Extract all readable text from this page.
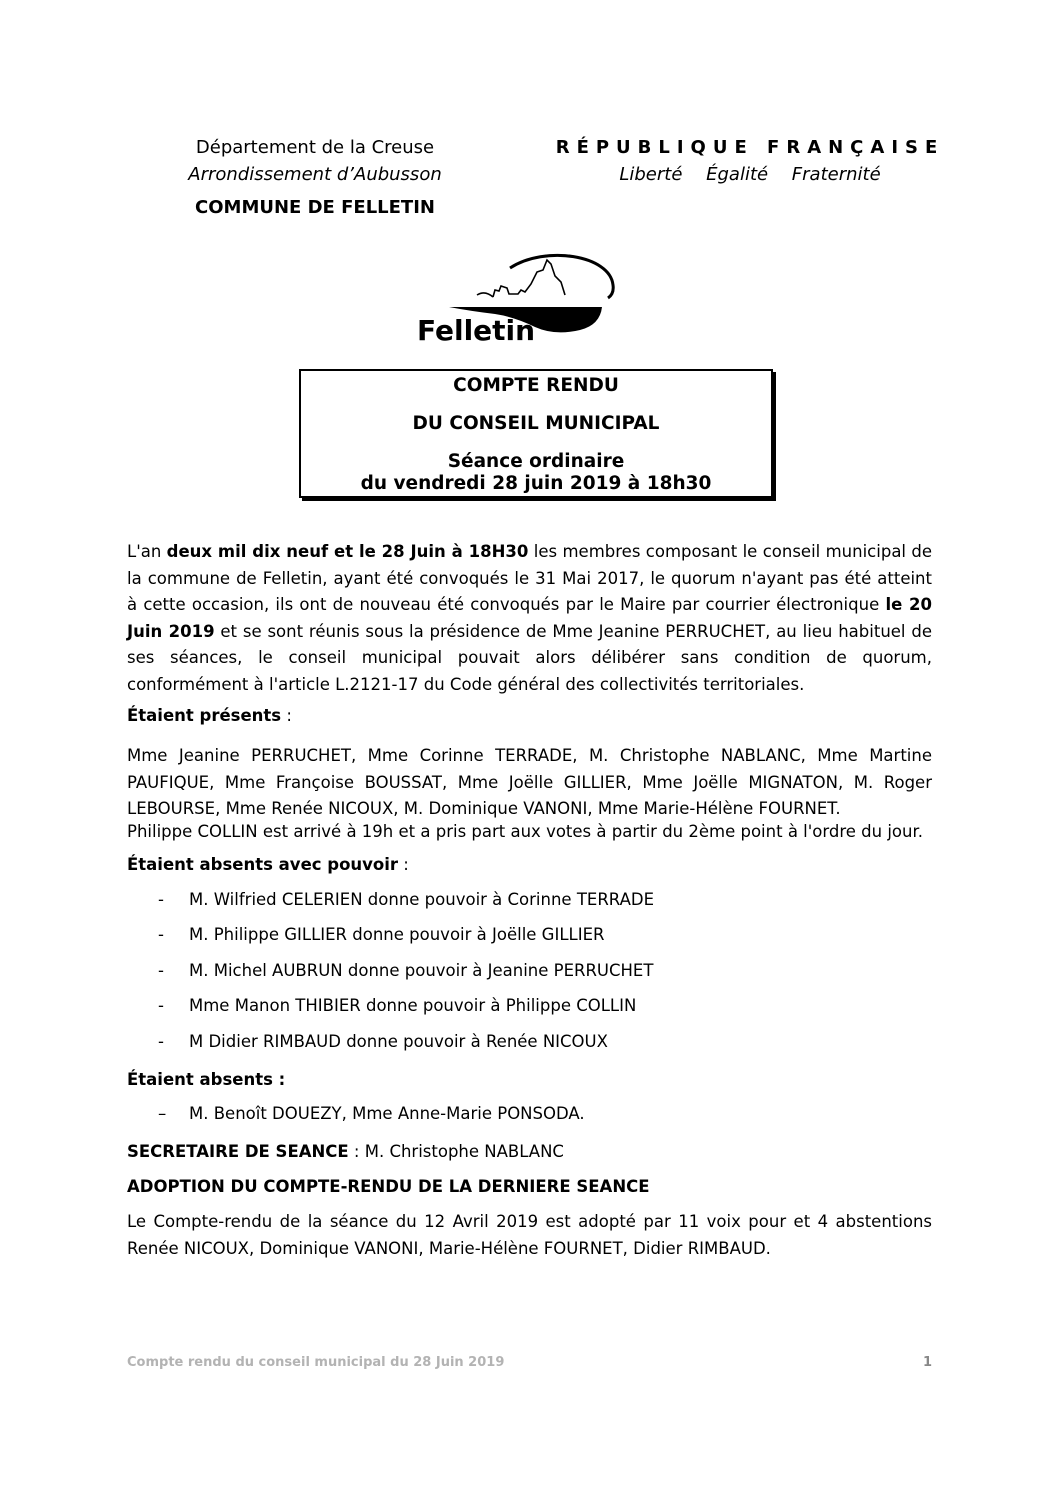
Département de la Creuse
Arrondissement d’Aubusson
COMMUNE DE FELLETIN
RÉPUBLIQUE FRANÇAISE
Liberté Égalité Fraternité
Felletin
COMPTE RENDU
DU CONSEIL MUNICIPAL
Séance ordinaire
du vendredi 28 juin 2019 à 18h30
L'an deux mil dix neuf et le 28 Juin à 18H30 les membres composant le conseil municipal de la commune de Felletin, ayant été convoqués le 31 Mai 2017, le quorum n'ayant pas été atteint à cette occasion, ils ont de nouveau été convoqués par le Maire par courrier électronique le 20 Juin 2019 et se sont réunis sous la présidence de Mme Jeanine PERRUCHET, au lieu habituel de ses séances, le conseil municipal pouvait alors délibérer sans condition de quorum, conformément à l'article L.2121-17 du Code général des collectivités territoriales.
Étaient présents :
Mme Jeanine PERRUCHET, Mme Corinne TERRADE, M. Christophe NABLANC, Mme Martine PAUFIQUE, Mme Françoise BOUSSAT, Mme Joëlle GILLIER, Mme Joëlle MIGNATON, M. Roger LEBOURSE, Mme Renée NICOUX, M. Dominique VANONI, Mme Marie-Hélène FOURNET.
Philippe COLLIN est arrivé à 19h et a pris part aux votes à partir du 2ème point à l'ordre du jour.
Étaient absents avec pouvoir :
- M. Wilfried CELERIEN donne pouvoir à Corinne TERRADE
- M. Philippe GILLIER donne pouvoir à Joëlle GILLIER
- M. Michel AUBRUN donne pouvoir à Jeanine PERRUCHET
- Mme Manon THIBIER donne pouvoir à Philippe COLLIN
- M Didier RIMBAUD donne pouvoir à Renée NICOUX
Étaient absents :
– M. Benoît DOUEZY, Mme Anne-Marie PONSODA.
SECRETAIRE DE SEANCE : M. Christophe NABLANC
ADOPTION DU COMPTE-RENDU DE LA DERNIERE SEANCE
Le Compte-rendu de la séance du 12 Avril 2019 est adopté par 11 voix pour et 4 abstentions Renée NICOUX, Dominique VANONI, Marie-Hélène FOURNET, Didier RIMBAUD.
Compte rendu du conseil municipal du 28 Juin 2019	1
